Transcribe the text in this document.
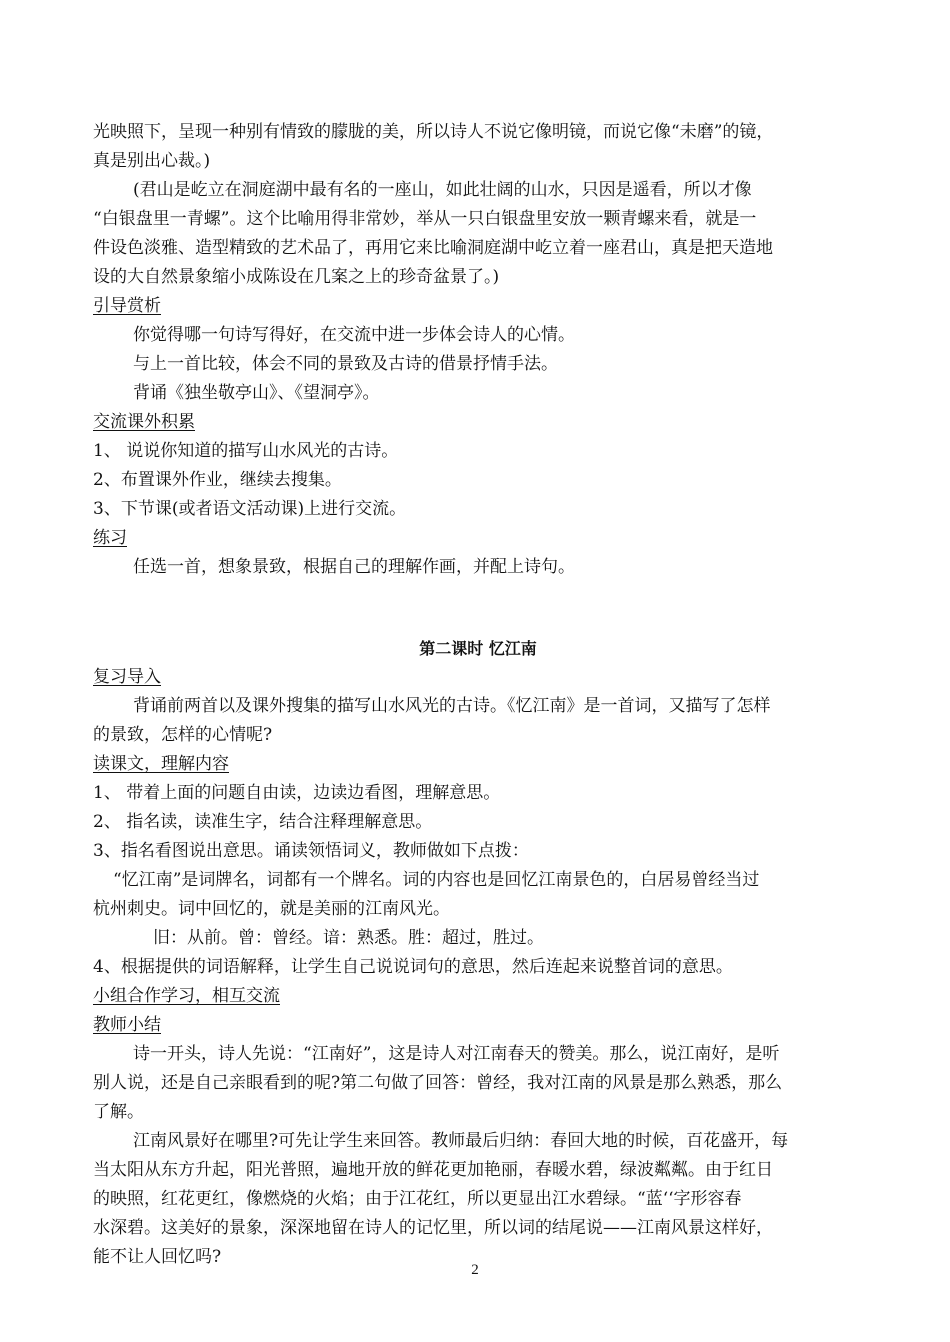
光映照下，呈现一种别有情致的朦胧的美，所以诗人不说它像明镜，而说它像“未磨”的镜，
真是别出心裁。)
(君山是屹立在洞庭湖中最有名的一座山，如此壮阔的山水，只因是遥看，所以才像
“白银盘里一青螺”。这个比喻用得非常妙，举从一只白银盘里安放一颗青螺来看，就是一
件设色淡雅、造型精致的艺术品了，再用它来比喻洞庭湖中屹立着一座君山，真是把天造地
设的大自然景象缩小成陈设在几案之上的珍奇盆景了。)
引导赏析
你觉得哪一句诗写得好，在交流中进一步体会诗人的心情。
与上一首比较，体会不同的景致及古诗的借景抒情手法。
背诵《独坐敬亭山》、《望洞亭》。
交流课外积累
1、 说说你知道的描写山水风光的古诗。
2、布置课外作业，继续去搜集。
3、下节课(或者语文活动课)上进行交流。
练习
任选一首，想象景致，根据自己的理解作画，并配上诗句。
第二课时 忆江南
复习导入
背诵前两首以及课外搜集的描写山水风光的古诗。《忆江南》是一首词，又描写了怎样
的景致，怎样的心情呢?
读课文，理解内容
1、 带着上面的问题自由读，边读边看图，理解意思。
2、 指名读，读准生字，结合注释理解意思。
3、指名看图说出意思。诵读领悟词义，教师做如下点拨：
“忆江南”是词牌名，词都有一个牌名。词的内容也是回忆江南景色的，白居易曾经当过
杭州刺史。词中回忆的，就是美丽的江南风光。
旧：从前。曾：曾经。谙：熟悉。胜：超过，胜过。
4、根据提供的词语解释，让学生自己说说词句的意思，然后连起来说整首词的意思。
小组合作学习，相互交流
教师小结
诗一开头，诗人先说：“江南好”，这是诗人对江南春天的赞美。那么，说江南好，是听
别人说，还是自己亲眼看到的呢?第二句做了回答：曾经，我对江南的风景是那么熟悉，那么
了解。
江南风景好在哪里?可先让学生来回答。教师最后归纳：春回大地的时候，百花盛开，每
当太阳从东方升起，阳光普照，遍地开放的鲜花更加艳丽，春暖水碧，绿波粼粼。由于红日
的映照，红花更红，像燃烧的火焰；由于江花红，所以更显出江水碧绿。“蓝‘‘字形容春
水深碧。这美好的景象，深深地留在诗人的记忆里，所以词的结尾说——江南风景这样好，
能不让人回忆吗?
2
